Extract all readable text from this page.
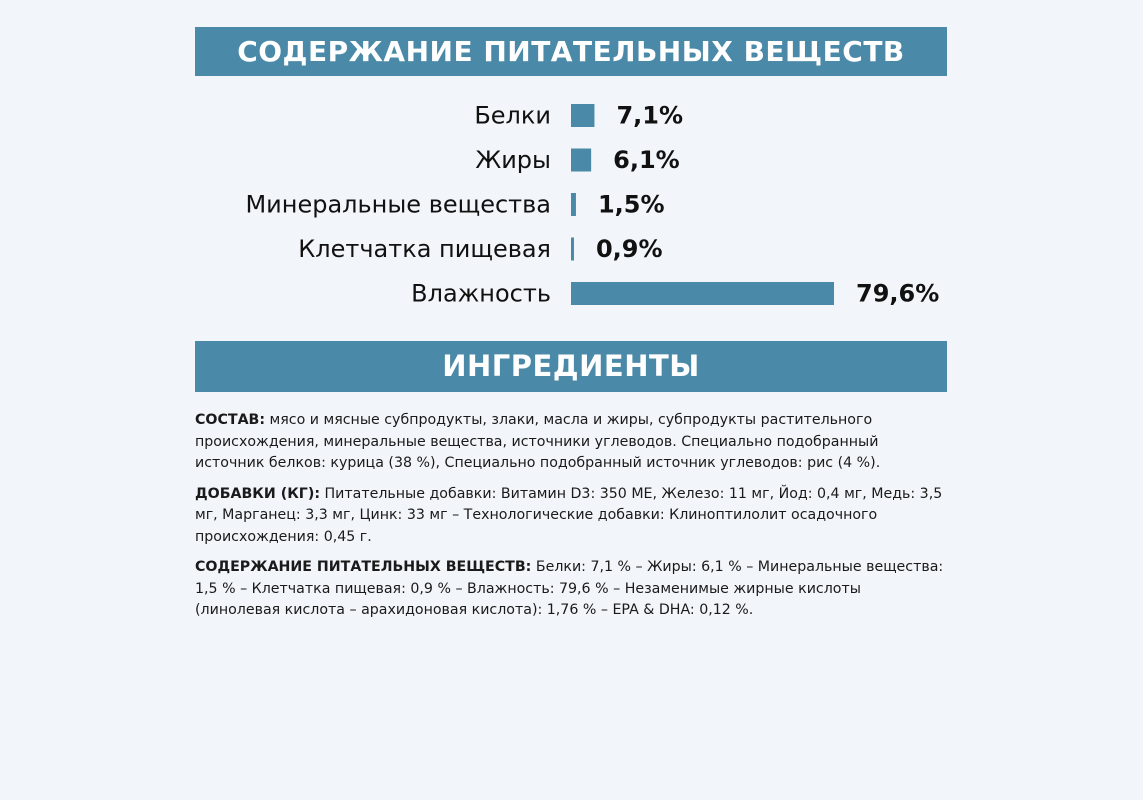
СОДЕРЖАНИЕ ПИТАТЕЛЬНЫХ ВЕЩЕСТВ
Белки	7,1%
Жиры	6,1%
Минеральные вещества 1,5%
Клетчатка пищевая 0,9%
Влажность	79,6%
ИНГРЕДИЕНТЫ

СОСТАВ: мясо и мясные субпродукты, злаки, масла и жиры, субпродукты растительного происхождения, минеральные вещества, источники углеводов. Специально подобранный источник белков: курица (38 %), Специально подобранный источник углеводов: рис (4 %).

ДОБАВКИ (КГ): Питательные добавки: Витамин D3: 350 МЕ, Железо: 11 мг, Йод: 0,4 мг, Медь: 3,5 мг, Марганец: 3,3 мг, Цинк: 33 мг – Технологические добавки: Клиноптилолит осадочного происхождения: 0,45 г.

СОДЕРЖАНИЕ ПИТАТЕЛЬНЫХ ВЕЩЕСТВ: Белки: 7,1 % – Жиры: 6,1 % – Минеральные вещества: 1,5 % – Клетчатка пищевая: 0,9 % – Влажность: 79,6 % – Незаменимые жирные кислоты (линолевая кислота – арахидоновая кислота): 1,76 % – EPA & DHA: 0,12 %.
